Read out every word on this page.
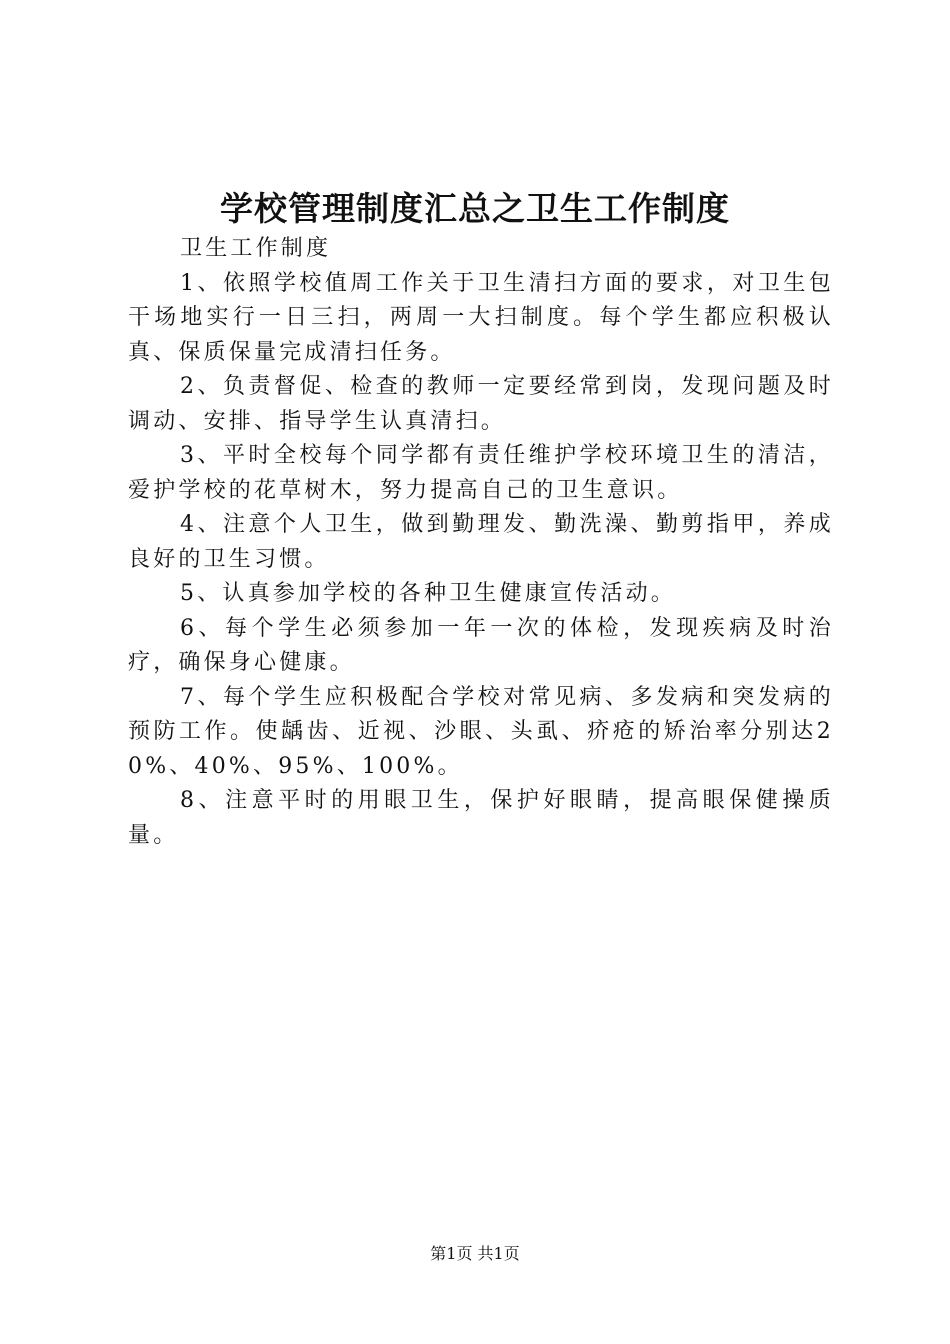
学校管理制度汇总之卫生工作制度

卫生工作制度

1、依照学校值周工作关于卫生清扫方面的要求，对卫生包干场地实行一日三扫，两周一大扫制度。每个学生都应积极认真、保质保量完成清扫任务。

2、负责督促、检查的教师一定要经常到岗，发现问题及时调动、安排、指导学生认真清扫。

3、平时全校每个同学都有责任维护学校环境卫生的清洁，爱护学校的花草树木，努力提高自己的卫生意识。

4、注意个人卫生，做到勤理发、勤洗澡、勤剪指甲，养成良好的卫生习惯。

5、认真参加学校的各种卫生健康宣传活动。

6、每个学生必须参加一年一次的体检，发现疾病及时治疗，确保身心健康。

7、每个学生应积极配合学校对常见病、多发病和突发病的预防工作。使龋齿、近视、沙眼、头虱、疥疮的矫治率分别达20%、40%、95%、100%。

8、注意平时的用眼卫生，保护好眼睛，提高眼保健操质量。

第1页 共1页
